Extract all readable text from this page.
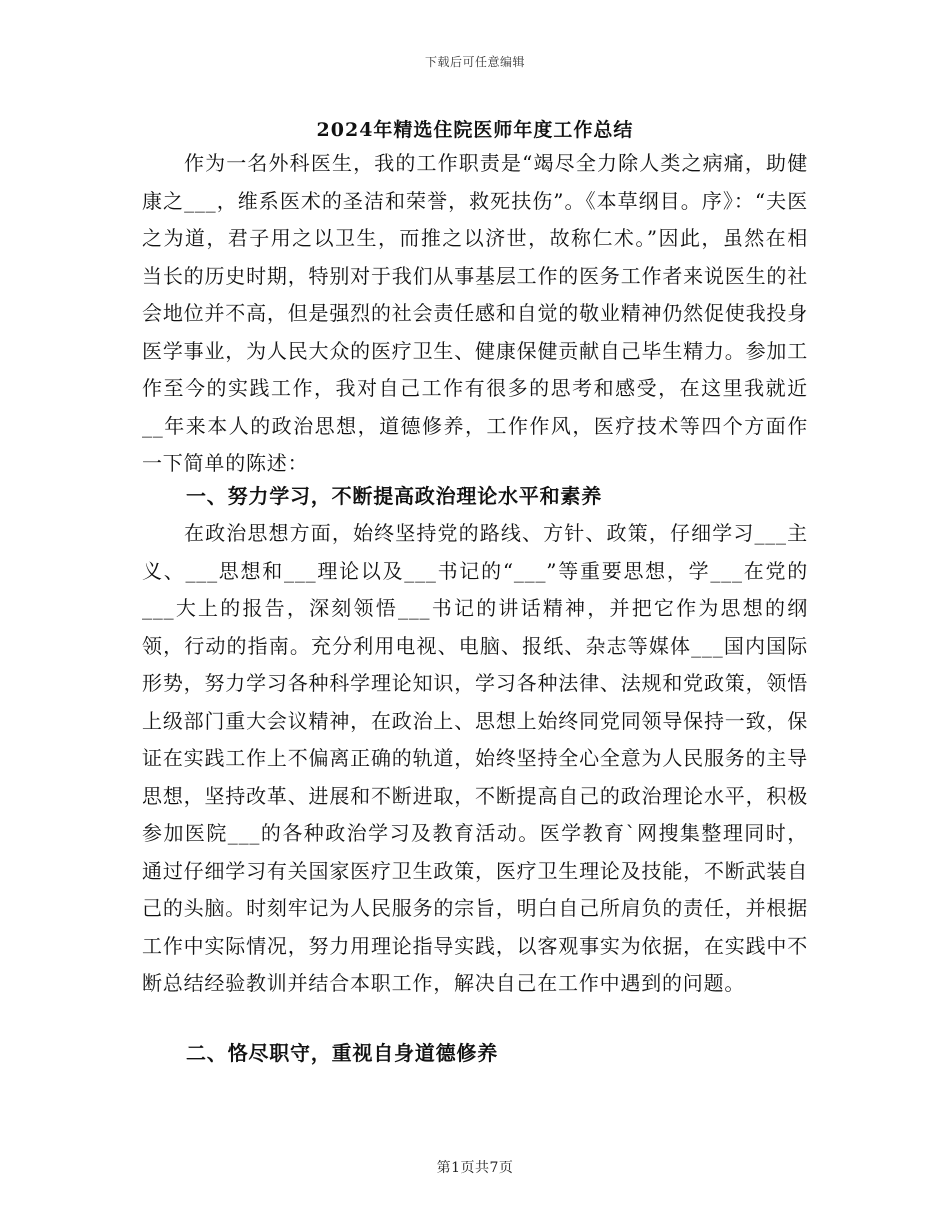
下载后可任意编辑
2024年精选住院医师年度工作总结

作为一名外科医生，我的工作职责是“竭尽全力除人类之病痛，助健康之___，维系医术的圣洁和荣誉，救死扶伤”。《本草纲目。序》：“夫医之为道，君子用之以卫生，而推之以济世，故称仁术。”因此，虽然在相当长的历史时期，特别对于我们从事基层工作的医务工作者来说医生的社会地位并不高，但是强烈的社会责任感和自觉的敬业精神仍然促使我投身医学事业，为人民大众的医疗卫生、健康保健贡献自己毕生精力。参加工作至今的实践工作，我对自己工作有很多的思考和感受，在这里我就近__年来本人的政治思想，道德修养，工作作风，医疗技术等四个方面作一下简单的陈述：

一、努力学习，不断提高政治理论水平和素养

在政治思想方面，始终坚持党的路线、方针、政策，仔细学习___主义、___思想和___理论以及___书记的“___”等重要思想，学___在党的___大上的报告，深刻领悟___书记的讲话精神，并把它作为思想的纲领，行动的指南。充分利用电视、电脑、报纸、杂志等媒体___国内国际形势，努力学习各种科学理论知识，学习各种法律、法规和党政策，领悟上级部门重大会议精神，在政治上、思想上始终同党同领导保持一致，保证在实践工作上不偏离正确的轨道，始终坚持全心全意为人民服务的主导思想，坚持改革、进展和不断进取，不断提高自己的政治理论水平，积极参加医院___的各种政治学习及教育活动。医学教育`网搜集整理同时，通过仔细学习有关国家医疗卫生政策，医疗卫生理论及技能，不断武装自己的头脑。时刻牢记为人民服务的宗旨，明白自己所肩负的责任，并根据工作中实际情况，努力用理论指导实践，以客观事实为依据，在实践中不断总结经验教训并结合本职工作，解决自己在工作中遇到的问题。

二、恪尽职守，重视自身道德修养
第1页共7页
